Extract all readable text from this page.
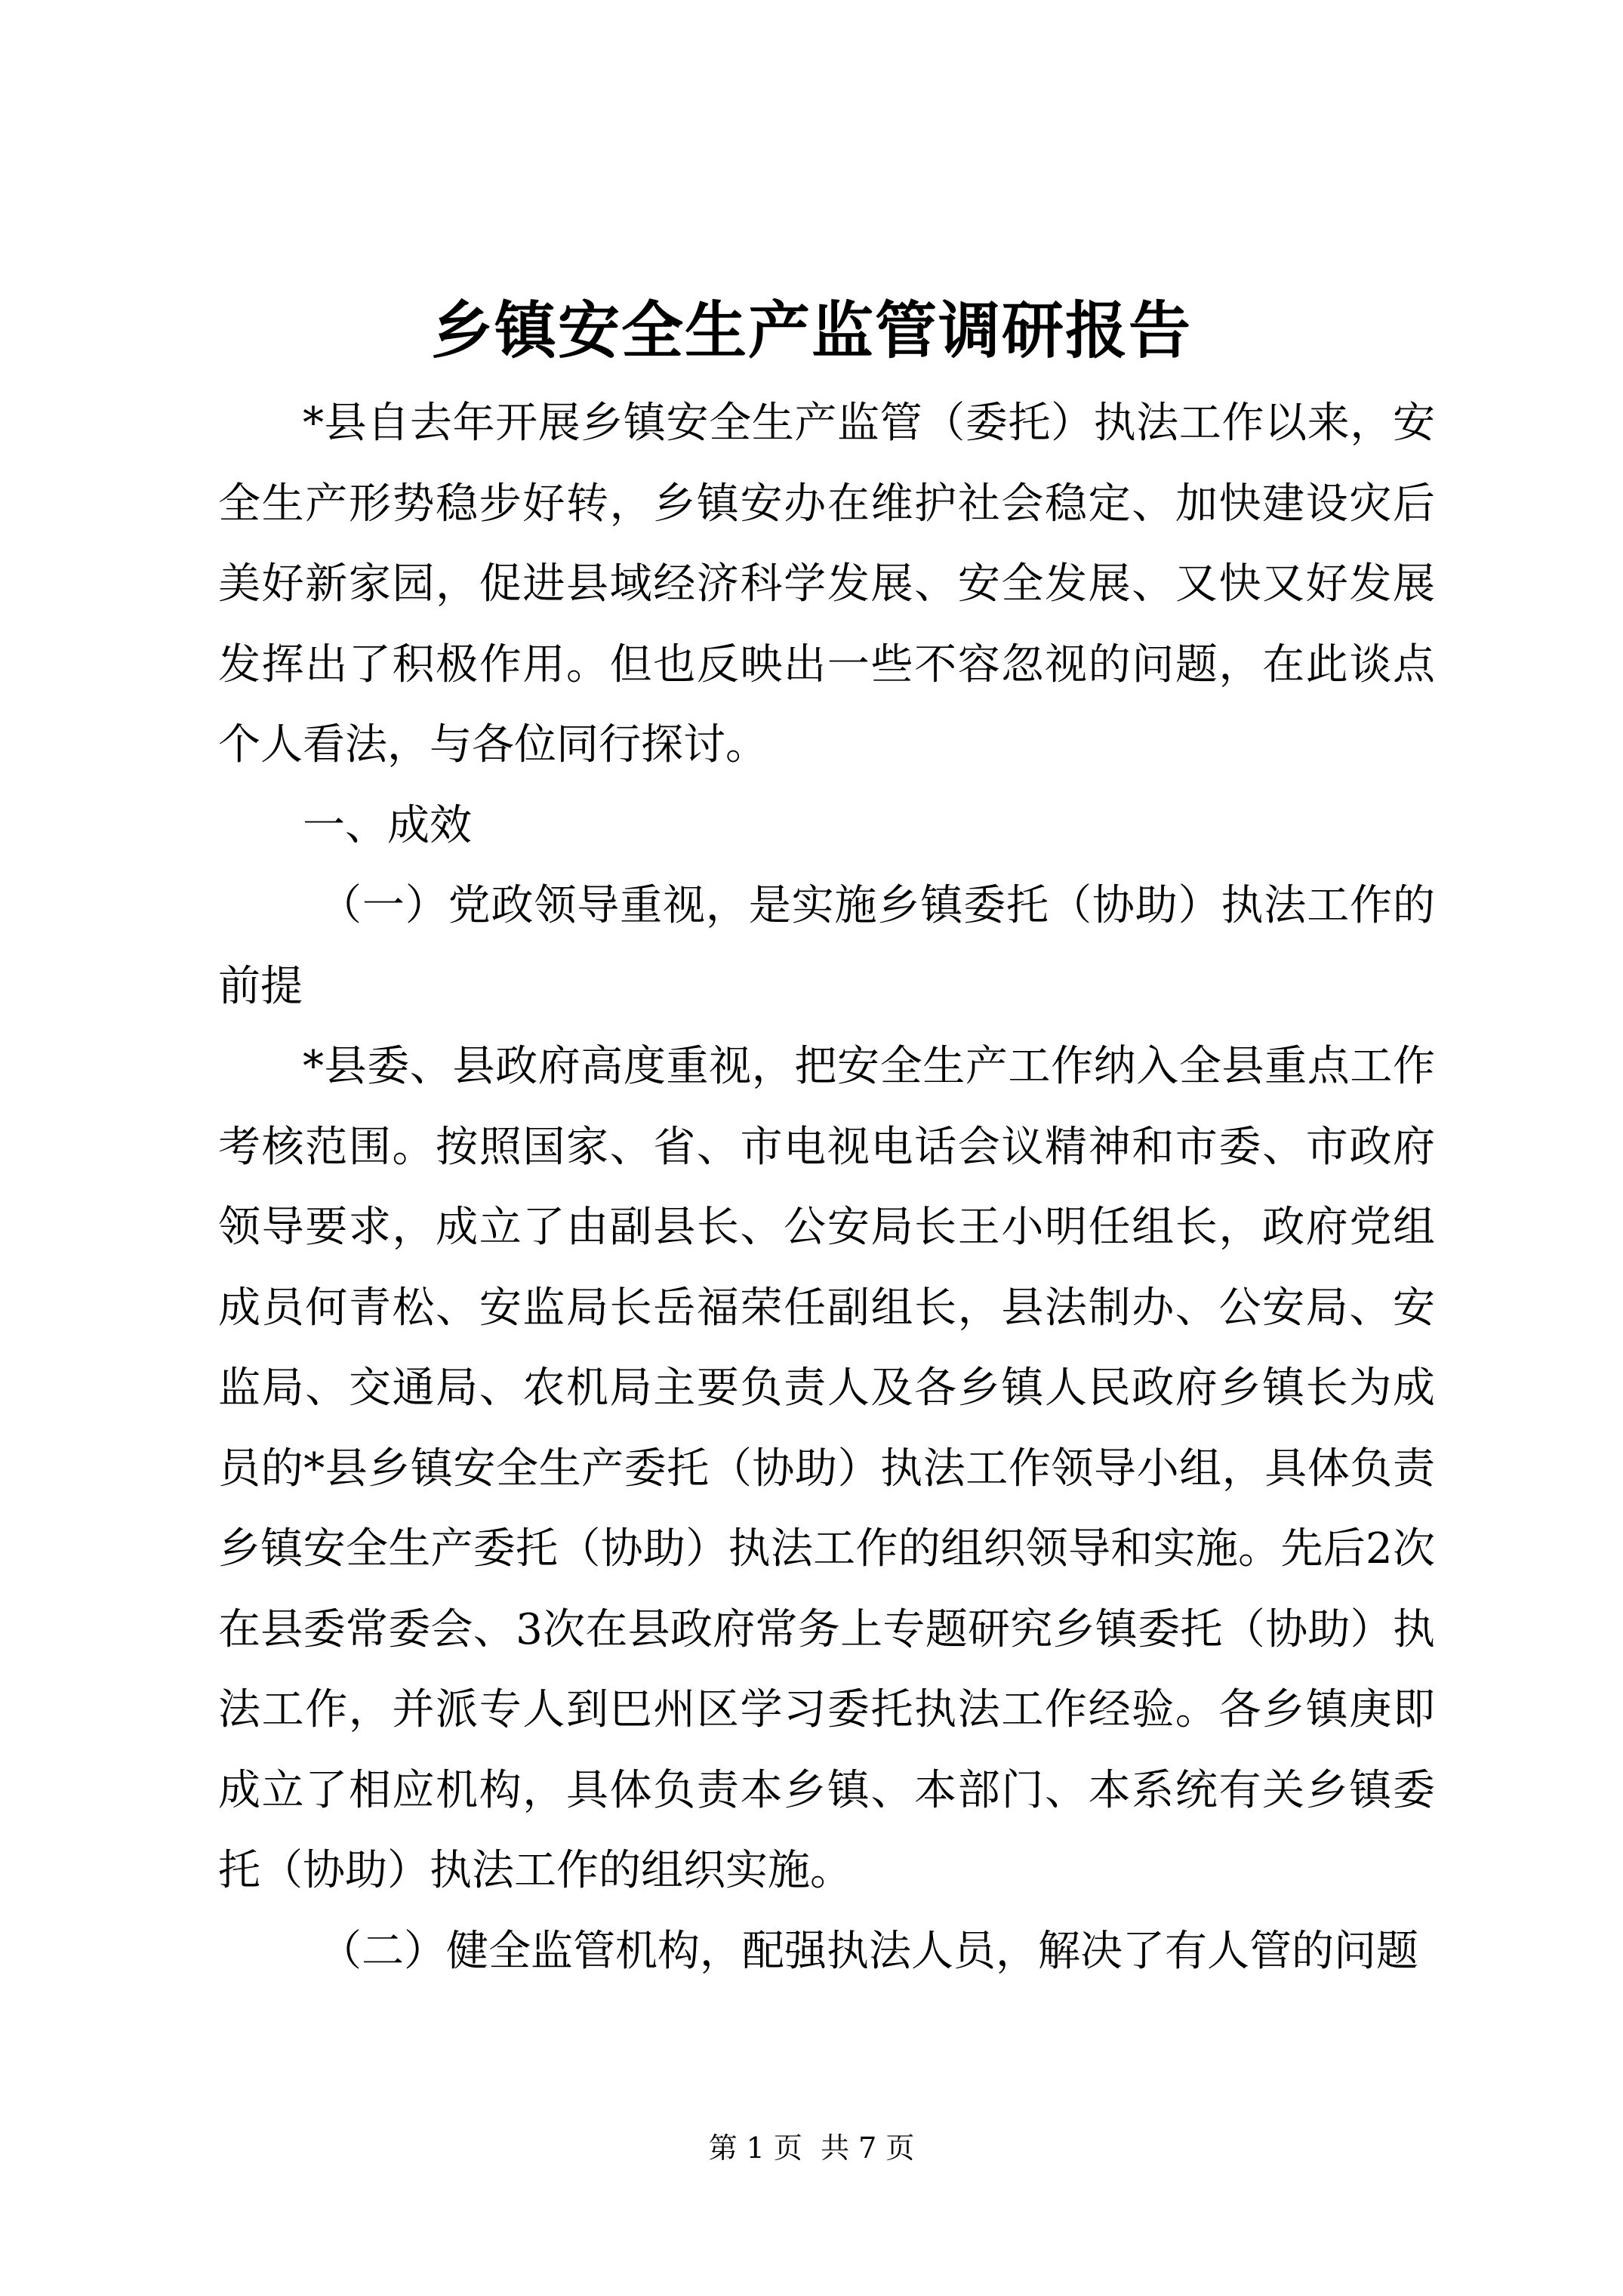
乡镇安全生产监管调研报告

*县自去年开展乡镇安全生产监管（委托）执法工作以来，安全生产形势稳步好转，乡镇安办在维护社会稳定、加快建设灾后美好新家园，促进县域经济科学发展、安全发展、又快又好发展发挥出了积极作用。但也反映出一些不容忽视的问题，在此谈点个人看法，与各位同行探讨。

一、成效

（一）党政领导重视，是实施乡镇委托（协助）执法工作的前提

*县委、县政府高度重视，把安全生产工作纳入全县重点工作考核范围。按照国家、省、市电视电话会议精神和市委、市政府领导要求，成立了由副县长、公安局长王小明任组长，政府党组成员何青松、安监局长岳福荣任副组长，县法制办、公安局、安监局、交通局、农机局主要负责人及各乡镇人民政府乡镇长为成员的*县乡镇安全生产委托（协助）执法工作领导小组，具体负责乡镇安全生产委托（协助）执法工作的组织领导和实施。先后2次在县委常委会、3次在县政府常务上专题研究乡镇委托（协助）执法工作，并派专人到巴州区学习委托执法工作经验。各乡镇庚即成立了相应机构，具体负责本乡镇、本部门、本系统有关乡镇委托（协助）执法工作的组织实施。

（二）健全监管机构，配强执法人员，解决了有人管的问题

第 1 页  共 7 页
